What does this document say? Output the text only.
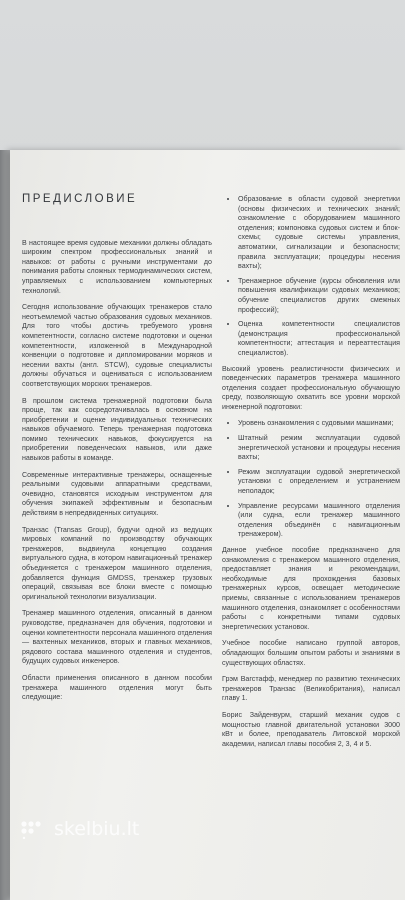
ПРЕДИСЛОВИЕ

В настоящее время судовые механики должны обладать широким спектром профессиональных знаний и навыков: от работы с ручными инструментами до понимания работы сложных термодинамических систем, управляемых с использованием компьютерных технологий.

Сегодня использование обучающих тренажеров стало неотъемлемой частью образования судовых механиков. Для того чтобы достичь требуемого уровня компетентности, согласно системе подготовки и оценки компетентности, изложенной в Международной конвенции о подготовке и дипломировании моряков и несении вахты (англ. STCW), судовые специалисты должны обучаться и оцениваться с использованием соответствующих морских тренажеров.

В прошлом система тренажерной подготовки была проще, так как сосредотачивалась в основном на приобретении и оценке индивидуальных технических навыков обучаемого. Теперь тренажерная подготовка помимо технических навыков, фокусируется на приобретении поведенческих навыков, или даже навыков работы в команде.

Современные интерактивные тренажеры, оснащенные реальными судовыми аппаратными средствами, очевидно, становятся исходным инструментом для обучения экипажей эффективным и безопасным действиям в непредвиденных ситуациях.

Транзас (Transas Group), будучи одной из ведущих мировых компаний по производству обучающих тренажеров, выдвинула концепцию создания виртуального судна, в котором навигационный тренажер объединяется с тренажером машинного отделения, добавляется функция GMDSS, тренажер грузовых операций, связывая все блоки вместе с помощью оригинальной технологии визуализации.

Тренажер машинного отделения, описанный в данном руководстве, предназначен для обучения, подготовки и оценки компетентности персонала машинного отделения — вахтенных механиков, вторых и главных механиков, рядового состава машинного отделения и студентов, будущих судовых инженеров.

Области применения описанного в данном пособии тренажера машинного отделения могут быть следующие:

• Образование в области судовой энергетики (основы физических и технических знаний; ознакомление с оборудованием машинного отделения; компоновка судовых систем и блок-схемы; судовые системы управления, автоматики, сигнализации и безопасности; правила эксплуатации; процедуры несения вахты);
• Тренажерное обучение (курсы обновления или повышения квалификации судовых механиков; обучение специалистов других смежных профессий);
• Оценка компетентности специалистов (демонстрация профессиональной компетентности; аттестация и переаттестация специалистов).

Высокий уровень реалистичности физических и поведенческих параметров тренажера машинного отделения создает профессиональную обучающую среду, позволяющую охватить все уровни морской инженерной подготовки:

• Уровень ознакомления с судовыми машинами;
• Штатный режим эксплуатации судовой энергетической установки и процедуры несения вахты;
• Режим эксплуатации судовой энергетической установки с определением и устранением неполадок;
• Управление ресурсами машинного отделения (или судна, если тренажер машинного отделения объединён с навигационным тренажером).

Данное учебное пособие предназначено для ознакомления с тренажером машинного отделения, предоставляет знания и рекомендации, необходимые для прохождения базовых тренажерных курсов, освещает методические приемы, связанные с использованием тренажеров машинного отделения, ознакомляет с особенностями работы с конкретными типами судовых энергетических установок.

Учебное пособие написано группой авторов, обладающих большим опытом работы и знаниями в существующих областях.

Грэм Вагстафф, менеджер по развитию технических тренажеров Транзас (Великобритания), написал главу 1.

Борис Зайденвурм, старший механик судов с мощностью главной двигательной установки 3000 кВт и более, преподаватель Литовской морской академии, написал главы пособия 2, 3, 4 и 5.

skelbiu.lt
